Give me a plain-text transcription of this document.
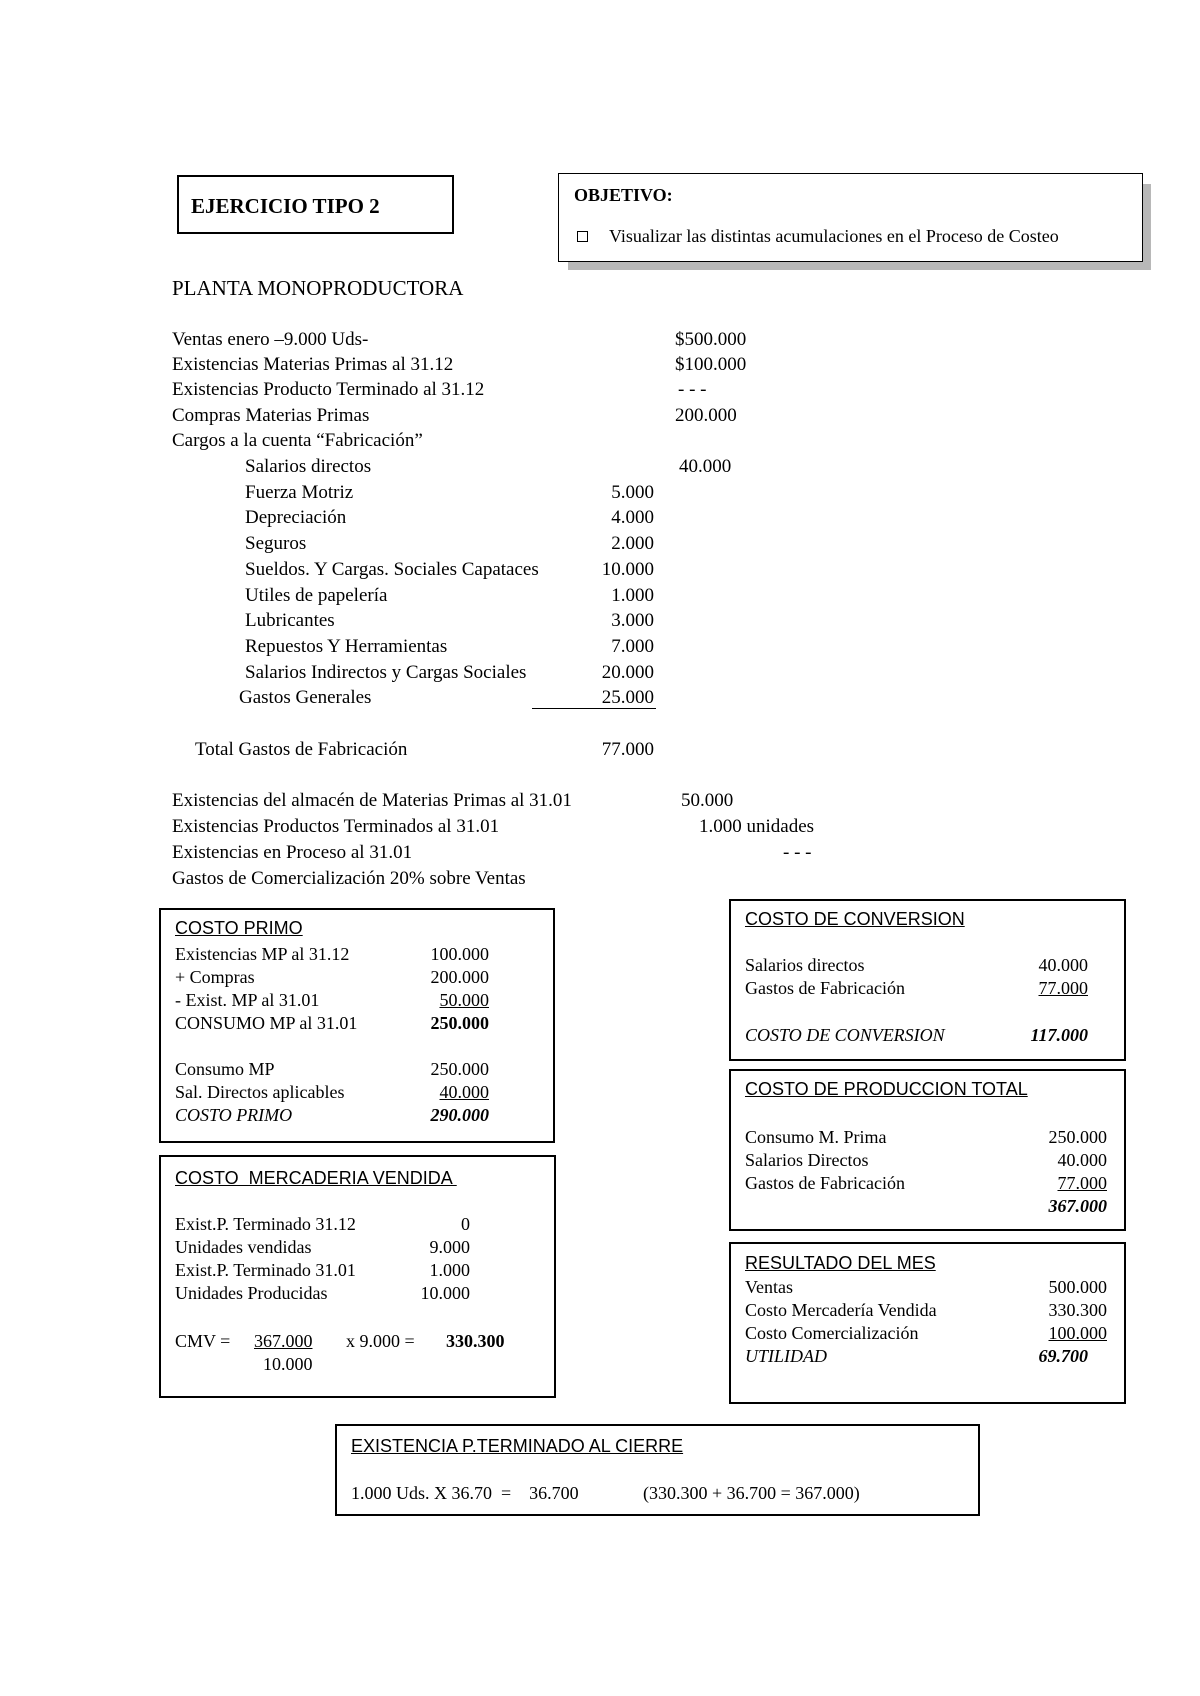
EJERCICIO TIPO 2	OBJETIVO:
Visualizar las distintas acumulaciones en el Proceso de Costeo
PLANTA MONOPRODUCTORA
Ventas enero –9.000 Uds-	$500.000
Existencias Materias Primas al 31.12	$100.000
Existencias Producto Terminado al 31.12	- - -
Compras Materias Primas	200.000
Cargos a la cuenta “Fabricación”
Salarios directos	40.000
Fuerza Motriz	5.000
Depreciación	4.000
Seguros	2.000
Sueldos. Y Cargas. Sociales Capataces	10.000
Utiles de papelería	1.000
Lubricantes	3.000
Repuestos Y Herramientas	7.000
Salarios Indirectos y Cargas Sociales	20.000
Gastos Generales	25.000
Total Gastos de Fabricación	77.000
Existencias del almacén de Materias Primas al 31.01	50.000
Existencias Productos Terminados al 31.01	1.000 unidades
Existencias en Proceso al 31.01	- - -
Gastos de Comercialización 20% sobre Ventas
COSTO PRIMO
Existencias MP al 31.12	100.000
+ Compras	200.000
- Exist. MP al 31.01	50.000
CONSUMO MP al 31.01	250.000
Consumo MP	250.000
Sal. Directos aplicables	40.000
COSTO PRIMO	290.000
COSTO  MERCADERIA VENDIDA
Exist.P. Terminado 31.12	0
Unidades vendidas	9.000
Exist.P. Terminado 31.01	1.000
Unidades Producidas	10.000
CMV = 367.000
10.000
x 9.000 = 330.300
COSTO DE CONVERSION
Salarios directos	40.000
Gastos de Fabricación	77.000
COSTO DE CONVERSION	117.000
COSTO DE PRODUCCION TOTAL
Consumo M. Prima	250.000
Salarios Directos	40.000
Gastos de Fabricación	77.000
367.000
RESULTADO DEL MES
Ventas	500.000
Costo Mercadería Vendida	330.300
Costo Comercialización	100.000
UTILIDAD	69.700
EXISTENCIA P.TERMINADO AL CIERRE
1.000 Uds. X 36.70  =    36.700	(330.300 + 36.700 = 367.000)
